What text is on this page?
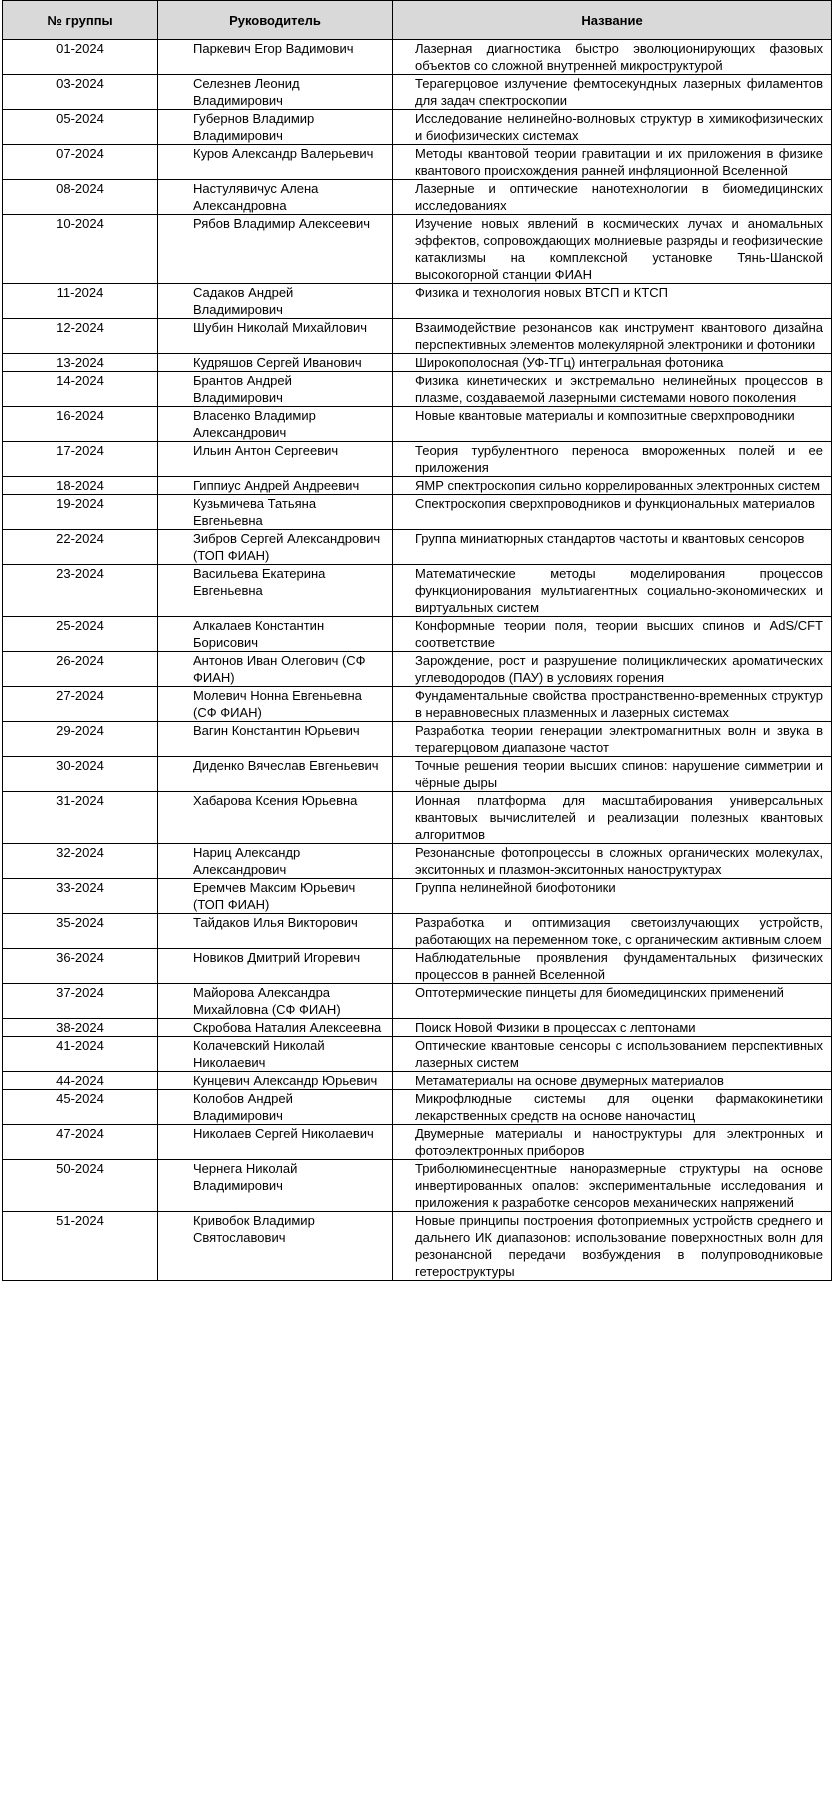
№ группы	Руководитель	Название
01-2024	Паркевич Егор Вадимович	Лазерная диагностика быстро эволюционирующих фазовых объектов со сложной внутренней микроструктурой
03-2024	Селезнев Леонид Владимирович	Терагерцовое излучение фемтосекундных лазерных филаментов для задач спектроскопии
05-2024	Губернов Владимир Владимирович	Исследование нелинейно-волновых структур в химикофизических и биофизических системах
07-2024	Куров Александр Валерьевич	Методы квантовой теории гравитации и их приложения в физике квантового происхождения ранней инфляционной Вселенной
08-2024	Настулявичус Алена Александровна	Лазерные и оптические нанотехнологии в биомедицинских исследованиях
10-2024	Рябов Владимир Алексеевич	Изучение новых явлений в космических лучах и аномальных эффектов, сопровождающих молниевые разряды и геофизические катаклизмы на комплексной установке Тянь-Шанской высокогорной станции ФИАН
11-2024	Садаков Андрей Владимирович	Физика и технология новых ВТСП и КТСП
12-2024	Шубин Николай Михайлович	Взаимодействие резонансов как инструмент квантового дизайна перспективных элементов молекулярной электроники и фотоники
13-2024	Кудряшов Сергей Иванович	Широкополосная (УФ-ТГц) интегральная фотоника
14-2024	Брантов Андрей Владимирович	Физика кинетических и экстремально нелинейных процессов в плазме, создаваемой лазерными системами нового поколения
16-2024	Власенко Владимир Александрович	Новые квантовые материалы и композитные сверхпроводники
17-2024	Ильин Антон Сергеевич	Теория турбулентного переноса вмороженных полей и ее приложения
18-2024	Гиппиус Андрей Андреевич	ЯМР спектроскопия сильно коррелированных электронных систем
19-2024	Кузьмичева Татьяна Евгеньевна	Спектроскопия сверхпроводников и функциональных материалов
22-2024	Зибров Сергей Александрович (ТОП ФИАН)	Группа миниатюрных стандартов частоты и квантовых сенсоров
23-2024	Васильева Екатерина Евгеньевна	Математические методы моделирования процессов функционирования мультиагентных социально-экономических и виртуальных систем
25-2024	Алкалаев Константин Борисович	Конформные теории поля, теории высших спинов и AdS/CFT соответствие
26-2024	Антонов Иван Олегович (СФ ФИАН)	Зарождение, рост и разрушение полициклических ароматических углеводородов (ПАУ) в условиях горения
27-2024	Молевич Нонна Евгеньевна (СФ ФИАН)	Фундаментальные свойства пространственно-временных структур в неравновесных плазменных и лазерных системах
29-2024	Вагин Константин Юрьевич	Разработка теории генерации электромагнитных волн и звука в терагерцовом диапазоне частот
30-2024	Диденко Вячеслав Евгеньевич	Точные решения теории высших спинов: нарушение симметрии и чёрные дыры
31-2024	Хабарова Ксения Юрьевна	Ионная платформа для масштабирования универсальных квантовых вычислителей и реализации полезных квантовых алгоритмов
32-2024	Нариц Александр Александрович	Резонансные фотопроцессы в сложных органических молекулах, экситонных и плазмон-экситонных наноструктурах
33-2024	Еремчев Максим Юрьевич (ТОП ФИАН)	Группа нелинейной биофотоники
35-2024	Тайдаков Илья Викторович	Разработка и оптимизация светоизлучающих устройств, работающих на переменном токе, с органическим активным слоем
36-2024	Новиков Дмитрий Игоревич	Наблюдательные проявления фундаментальных физических процессов в ранней Вселенной
37-2024	Майорова Александра Михайловна (СФ ФИАН)	Оптотермические пинцеты для биомедицинских применений
38-2024	Скробова Наталия Алексеевна	Поиск Новой Физики в процессах с лептонами
41-2024	Колачевский Николай Николаевич	Оптические квантовые сенсоры с использованием перспективных лазерных систем
44-2024	Кунцевич Александр Юрьевич	Метаматериалы на основе двумерных материалов
45-2024	Колобов Андрей Владимирович	Микрофлюдные системы для оценки фармакокинетики лекарственных средств на основе наночастиц
47-2024	Николаев Сергей Николаевич	Двумерные материалы и наноструктуры для электронных и фотоэлектронных приборов
50-2024	Чернега Николай Владимирович	Триболюминесцентные наноразмерные структуры на основе инвертированных опалов: экспериментальные исследования и приложения к разработке сенсоров механических напряжений
51-2024	Кривобок Владимир Святославович	Новые принципы построения фотоприемных устройств среднего и дальнего ИК диапазонов: использование поверхностных волн для резонансной передачи возбуждения в полупроводниковые гетероструктуры
